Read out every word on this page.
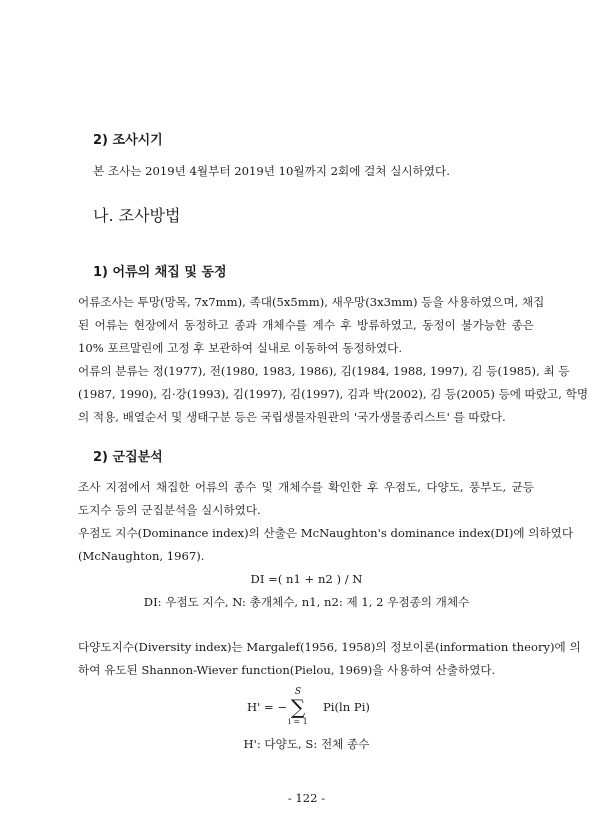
2) 조사시기
본 조사는 2019년 4월부터 2019년 10월까지 2회에 걸쳐 실시하였다.
나. 조사방법
1) 어류의 채집 및 동정
어류조사는 투망(망목, 7x7mm), 족대(5x5mm), 새우망(3x3mm) 등을 사용하였으며, 채집
된 어류는 현장에서 동정하고 종과 개체수를 계수 후 방류하였고, 동정이 불가능한 종은
10% 포르말린에 고정 후 보관하여 실내로 이동하여 동정하였다.
어류의 분류는 정(1977), 전(1980, 1983, 1986), 김(1984, 1988, 1997), 김 등(1985), 최 등
(1987, 1990), 김·강(1993), 김(1997), 김(1997), 김과 박(2002), 김 등(2005) 등에 따랐고, 학명
의 적용, 배열순서 및 생태구분 등은 국립생물자원관의 '국가생물종리스트' 를 따랐다.
2) 군집분석
조사 지점에서 채집한 어류의 종수 및 개체수를 확인한 후 우점도, 다양도, 풍부도, 균등
도지수 등의 군집분석을 실시하였다.
우점도 지수(Dominance index)의 산출은 McNaughton's dominance index(DI)에 의하였다
(McNaughton, 1967).
DI =( n1 + n2 ) / N
DI: 우점도 지수, N: 총개체수, n1, n2: 제 1, 2 우점종의 개체수
다양도지수(Diversity index)는 Margalef(1956, 1958)의 정보이론(information theory)에 의
하여 유도된 Shannon-Wiever function(Pielou, 1969)을 사용하여 산출하였다.
H' = −
S
∑
i = 1
Pi(ln Pi)
H': 다양도, S: 전체 종수
- 122 -
